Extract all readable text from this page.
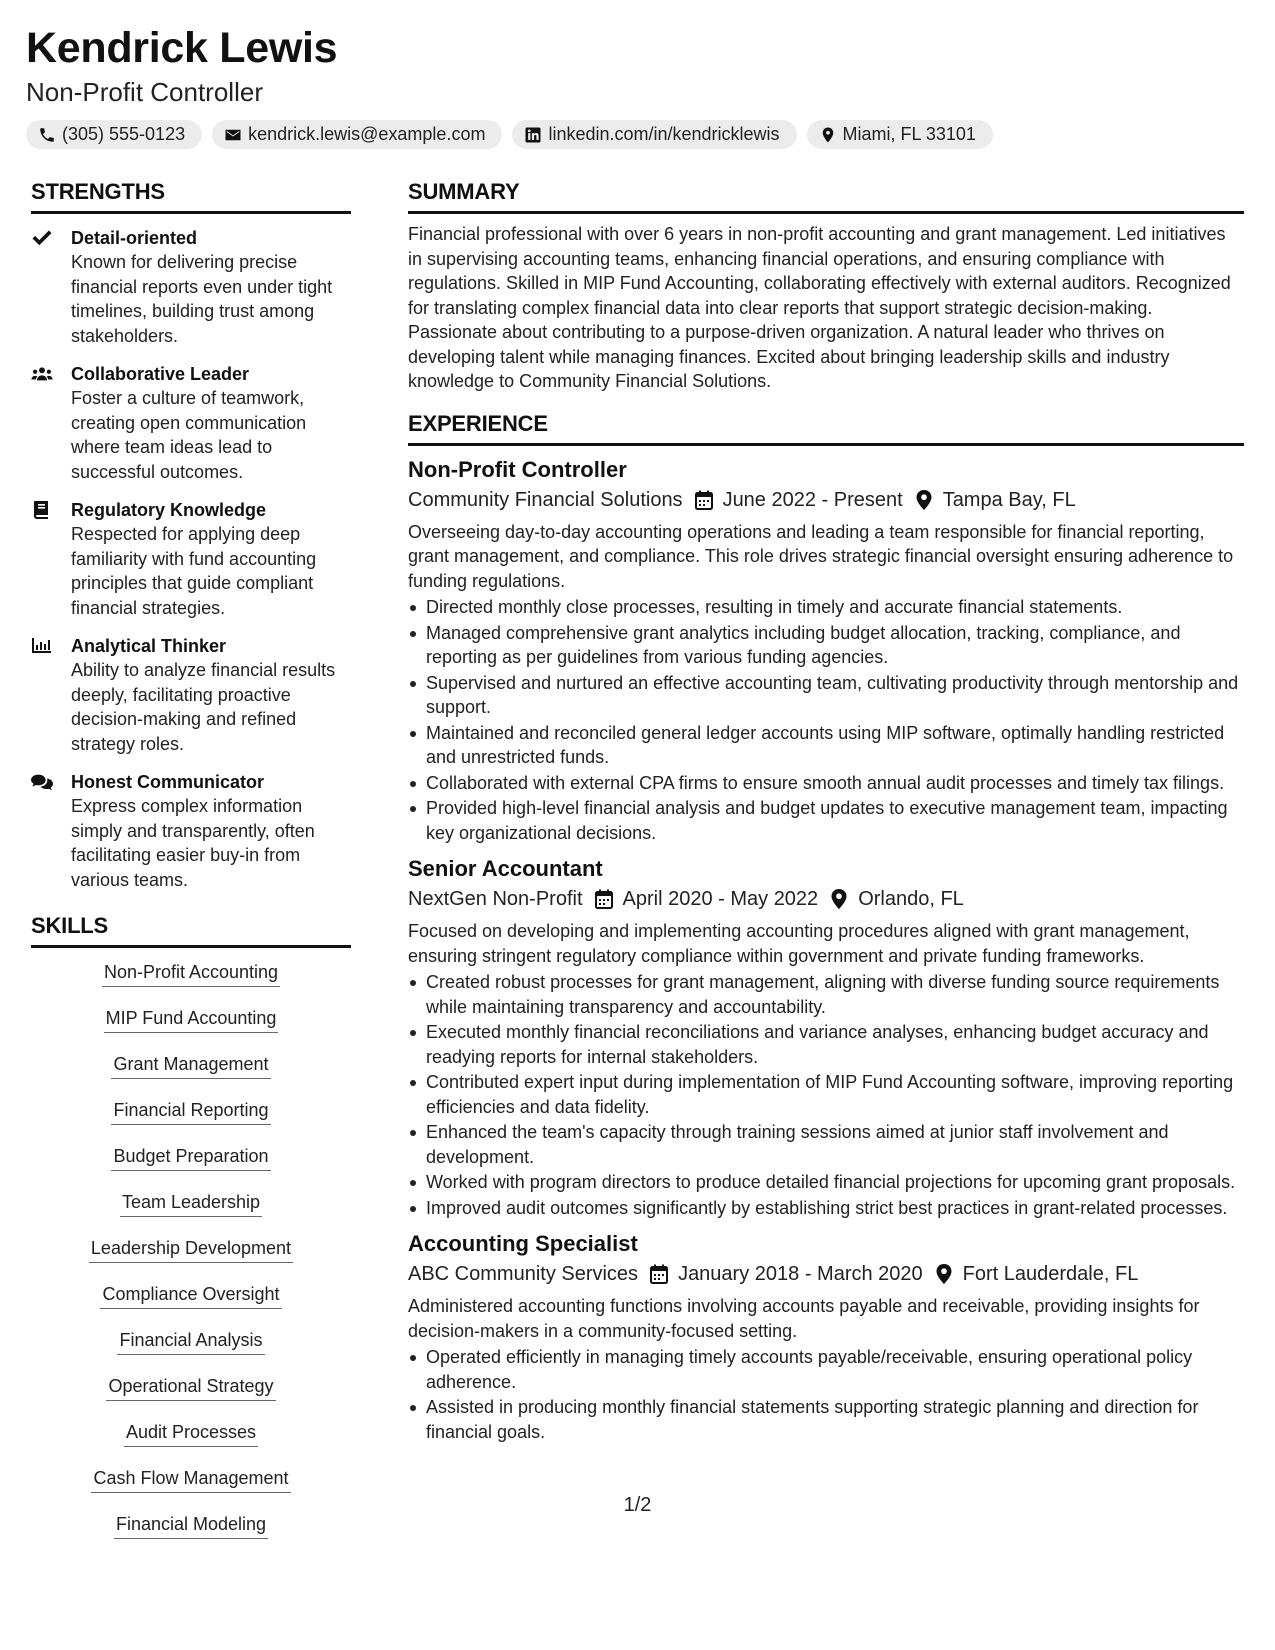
Kendrick Lewis
Non-Profit Controller
(305) 555-0123	kendrick.lewis@example.com	linkedin.com/in/kendricklewis	Miami, FL 33101
STRENGTHS
Detail-oriented
Known for delivering precise financial reports even under tight timelines, building trust among stakeholders.
Collaborative Leader
Foster a culture of teamwork, creating open communication where team ideas lead to successful outcomes.
Regulatory Knowledge
Respected for applying deep familiarity with fund accounting principles that guide compliant financial strategies.
Analytical Thinker
Ability to analyze financial results deeply, facilitating proactive decision-making and refined strategy roles.
Honest Communicator
Express complex information simply and transparently, often facilitating easier buy-in from various teams.
SKILLS
Non-Profit Accounting
MIP Fund Accounting
Grant Management
Financial Reporting
Budget Preparation
Team Leadership
Leadership Development
Compliance Oversight
Financial Analysis
Operational Strategy
Audit Processes
Cash Flow Management
Financial Modeling
SUMMARY
Financial professional with over 6 years in non-profit accounting and grant management. Led initiatives in supervising accounting teams, enhancing financial operations, and ensuring compliance with regulations. Skilled in MIP Fund Accounting, collaborating effectively with external auditors. Recognized for translating complex financial data into clear reports that support strategic decision-making. Passionate about contributing to a purpose-driven organization. A natural leader who thrives on developing talent while managing finances. Excited about bringing leadership skills and industry knowledge to Community Financial Solutions.
EXPERIENCE
Non-Profit Controller
Community Financial Solutions June 2022 - Present Tampa Bay, FL
Overseeing day-to-day accounting operations and leading a team responsible for financial reporting, grant management, and compliance. This role drives strategic financial oversight ensuring adherence to funding regulations.
Directed monthly close processes, resulting in timely and accurate financial statements.
Managed comprehensive grant analytics including budget allocation, tracking, compliance, and reporting as per guidelines from various funding agencies.
Supervised and nurtured an effective accounting team, cultivating productivity through mentorship and support.
Maintained and reconciled general ledger accounts using MIP software, optimally handling restricted and unrestricted funds.
Collaborated with external CPA firms to ensure smooth annual audit processes and timely tax filings.
Provided high-level financial analysis and budget updates to executive management team, impacting key organizational decisions.
Senior Accountant
NextGen Non-Profit April 2020 - May 2022 Orlando, FL
Focused on developing and implementing accounting procedures aligned with grant management, ensuring stringent regulatory compliance within government and private funding frameworks.
Created robust processes for grant management, aligning with diverse funding source requirements while maintaining transparency and accountability.
Executed monthly financial reconciliations and variance analyses, enhancing budget accuracy and readying reports for internal stakeholders.
Contributed expert input during implementation of MIP Fund Accounting software, improving reporting efficiencies and data fidelity.
Enhanced the team's capacity through training sessions aimed at junior staff involvement and development.
Worked with program directors to produce detailed financial projections for upcoming grant proposals.
Improved audit outcomes significantly by establishing strict best practices in grant-related processes.
Accounting Specialist
ABC Community Services January 2018 - March 2020 Fort Lauderdale, FL
Administered accounting functions involving accounts payable and receivable, providing insights for decision-makers in a community-focused setting.
Operated efficiently in managing timely accounts payable/receivable, ensuring operational policy adherence.
Assisted in producing monthly financial statements supporting strategic planning and direction for financial goals.
1/2
